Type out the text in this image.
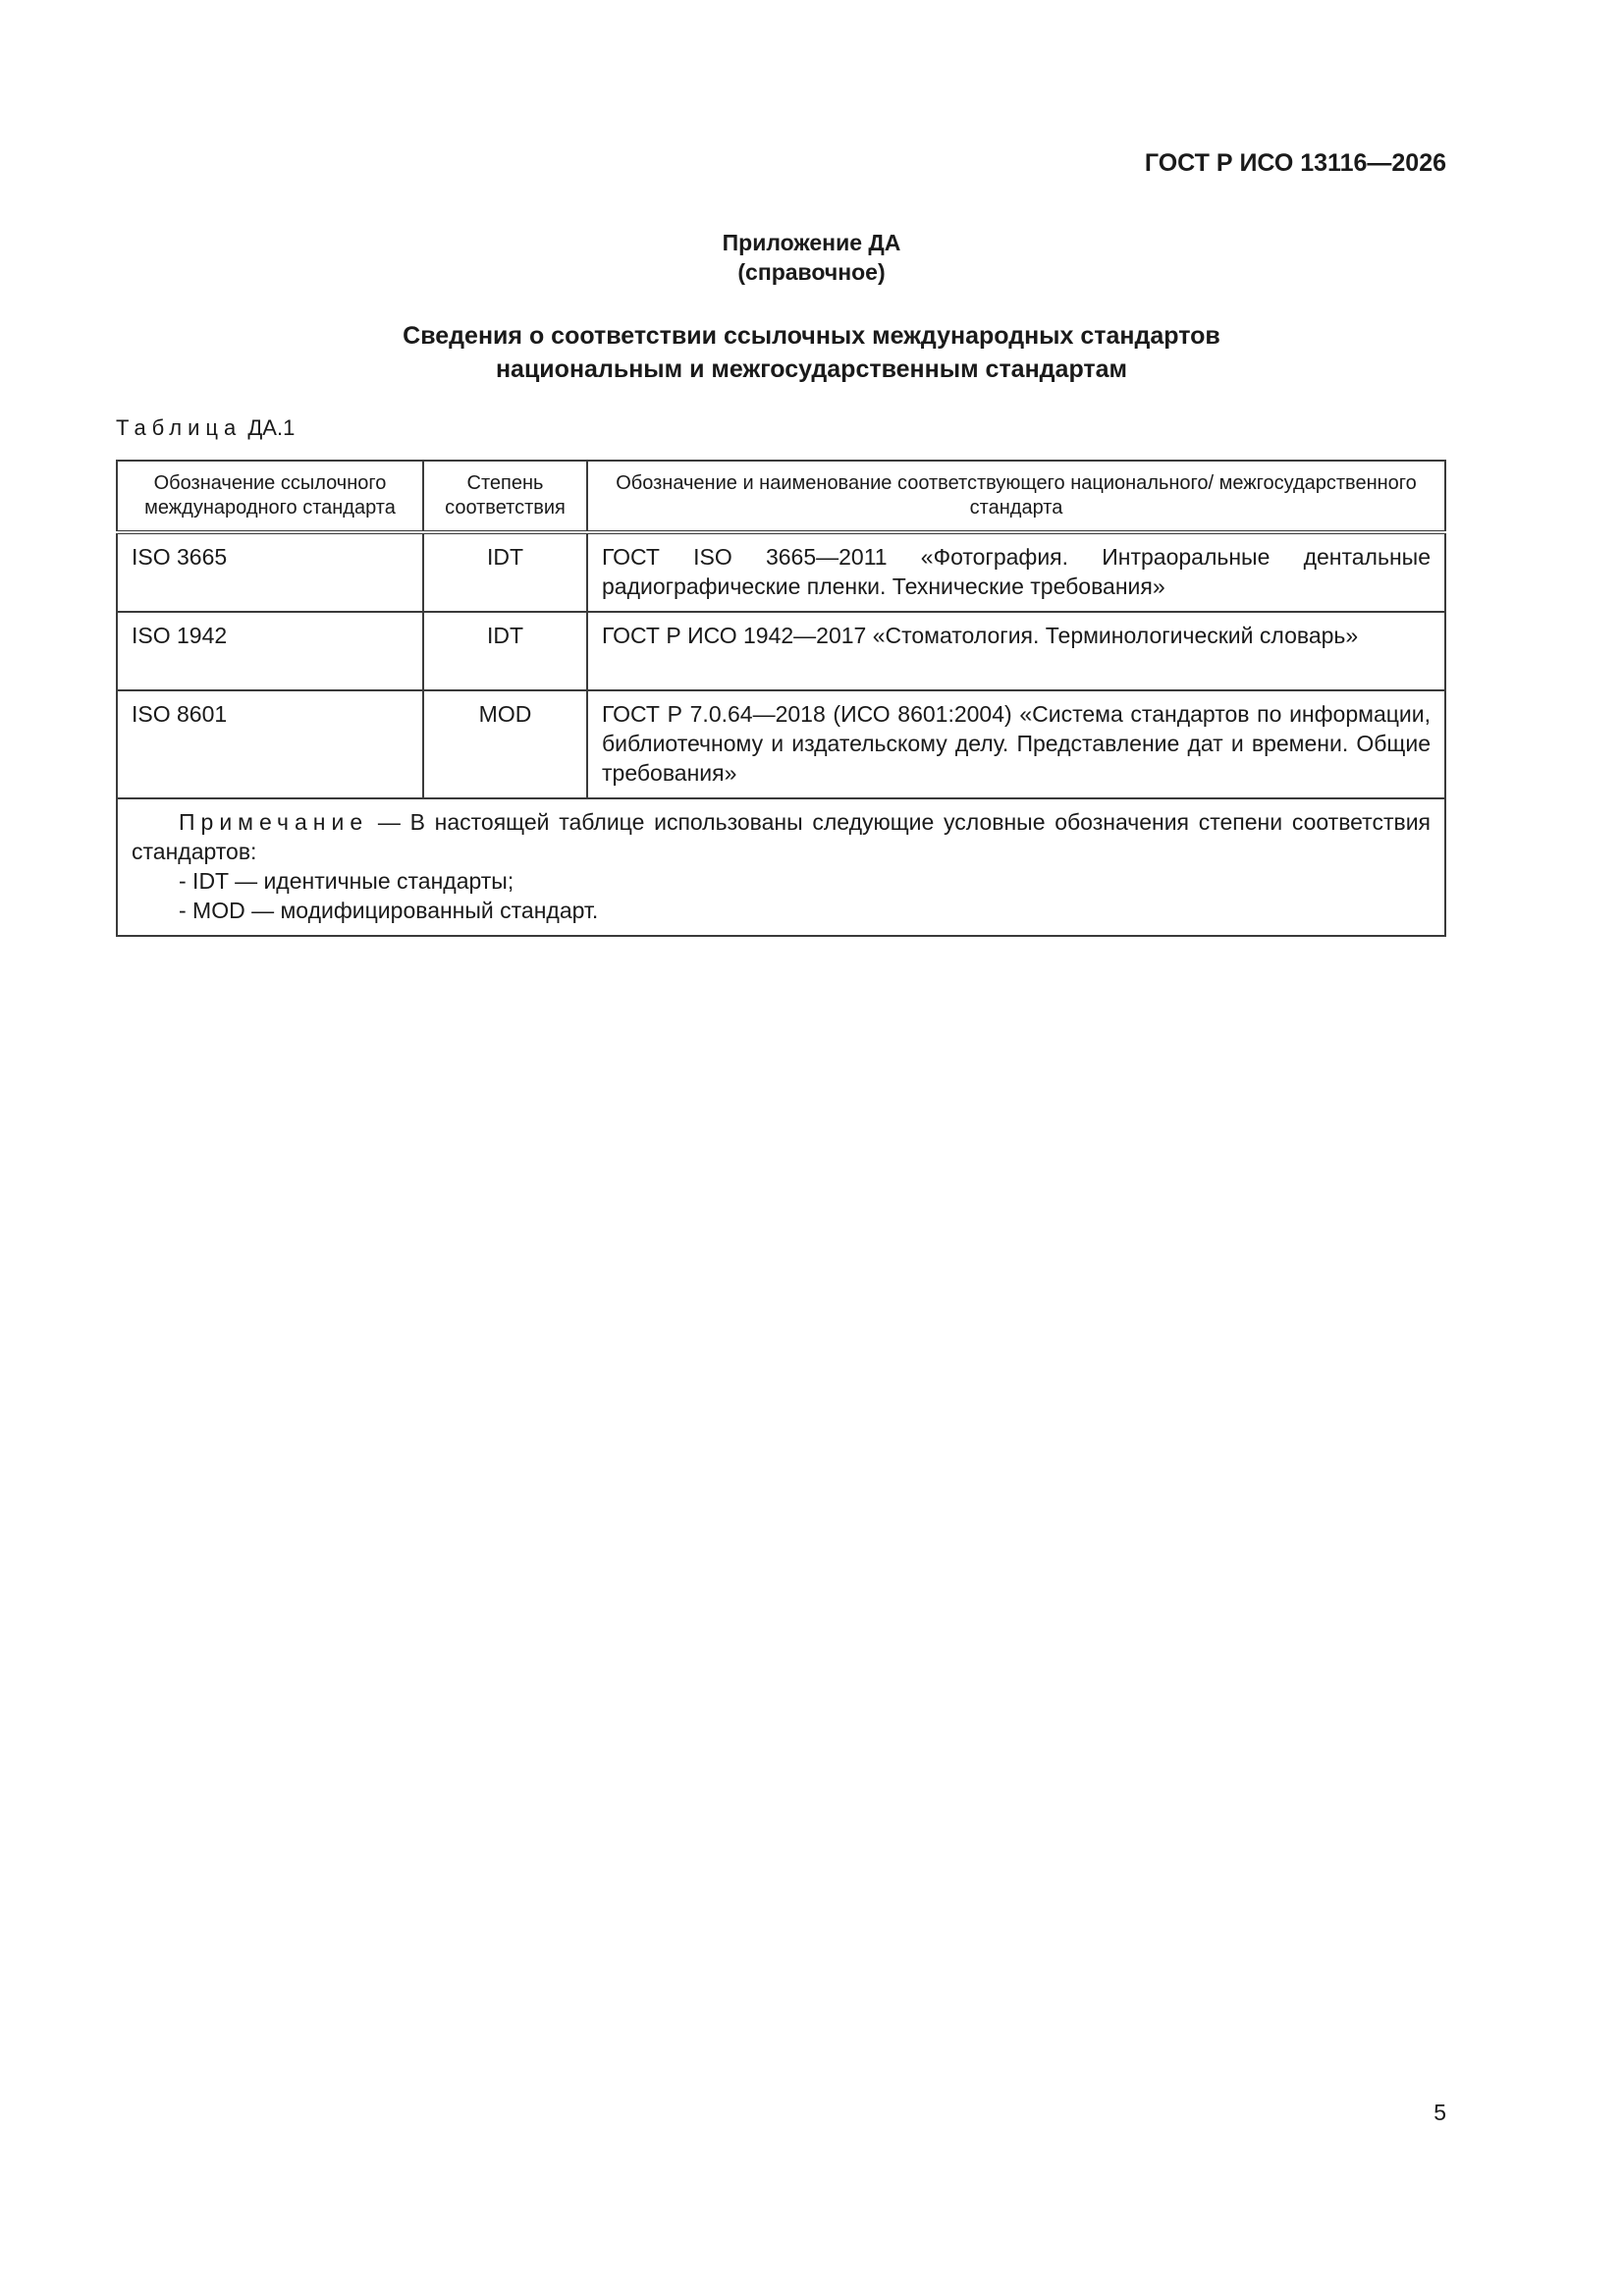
ГОСТ Р ИСО 13116—2026
Приложение ДА
(справочное)
Сведения о соответствии ссылочных международных стандартов
национальным и межгосударственным стандартам
Таблица ДА.1
Обозначение ссылочного международного стандарта	Степень соответствия	Обозначение и наименование соответствующего национального/ межгосударственного стандарта
ISO 3665	IDT	ГОСТ ISO 3665—2011 «Фотография. Интраоральные дентальные радиографические пленки. Технические требования»
ISO 1942	IDT	ГОСТ Р ИСО 1942—2017 «Стоматология. Терминологический словарь»
ISO 8601	MOD	ГОСТ Р 7.0.64—2018 (ИСО 8601:2004) «Система стандартов по информации, библиотечному и издательскому делу. Представление дат и времени. Общие требования»

Примечание — В настоящей таблице использованы следующие условные обозначения степени соответствия стандартов:
- IDT — идентичные стандарты;
- MOD — модифицированный стандарт.		
5
